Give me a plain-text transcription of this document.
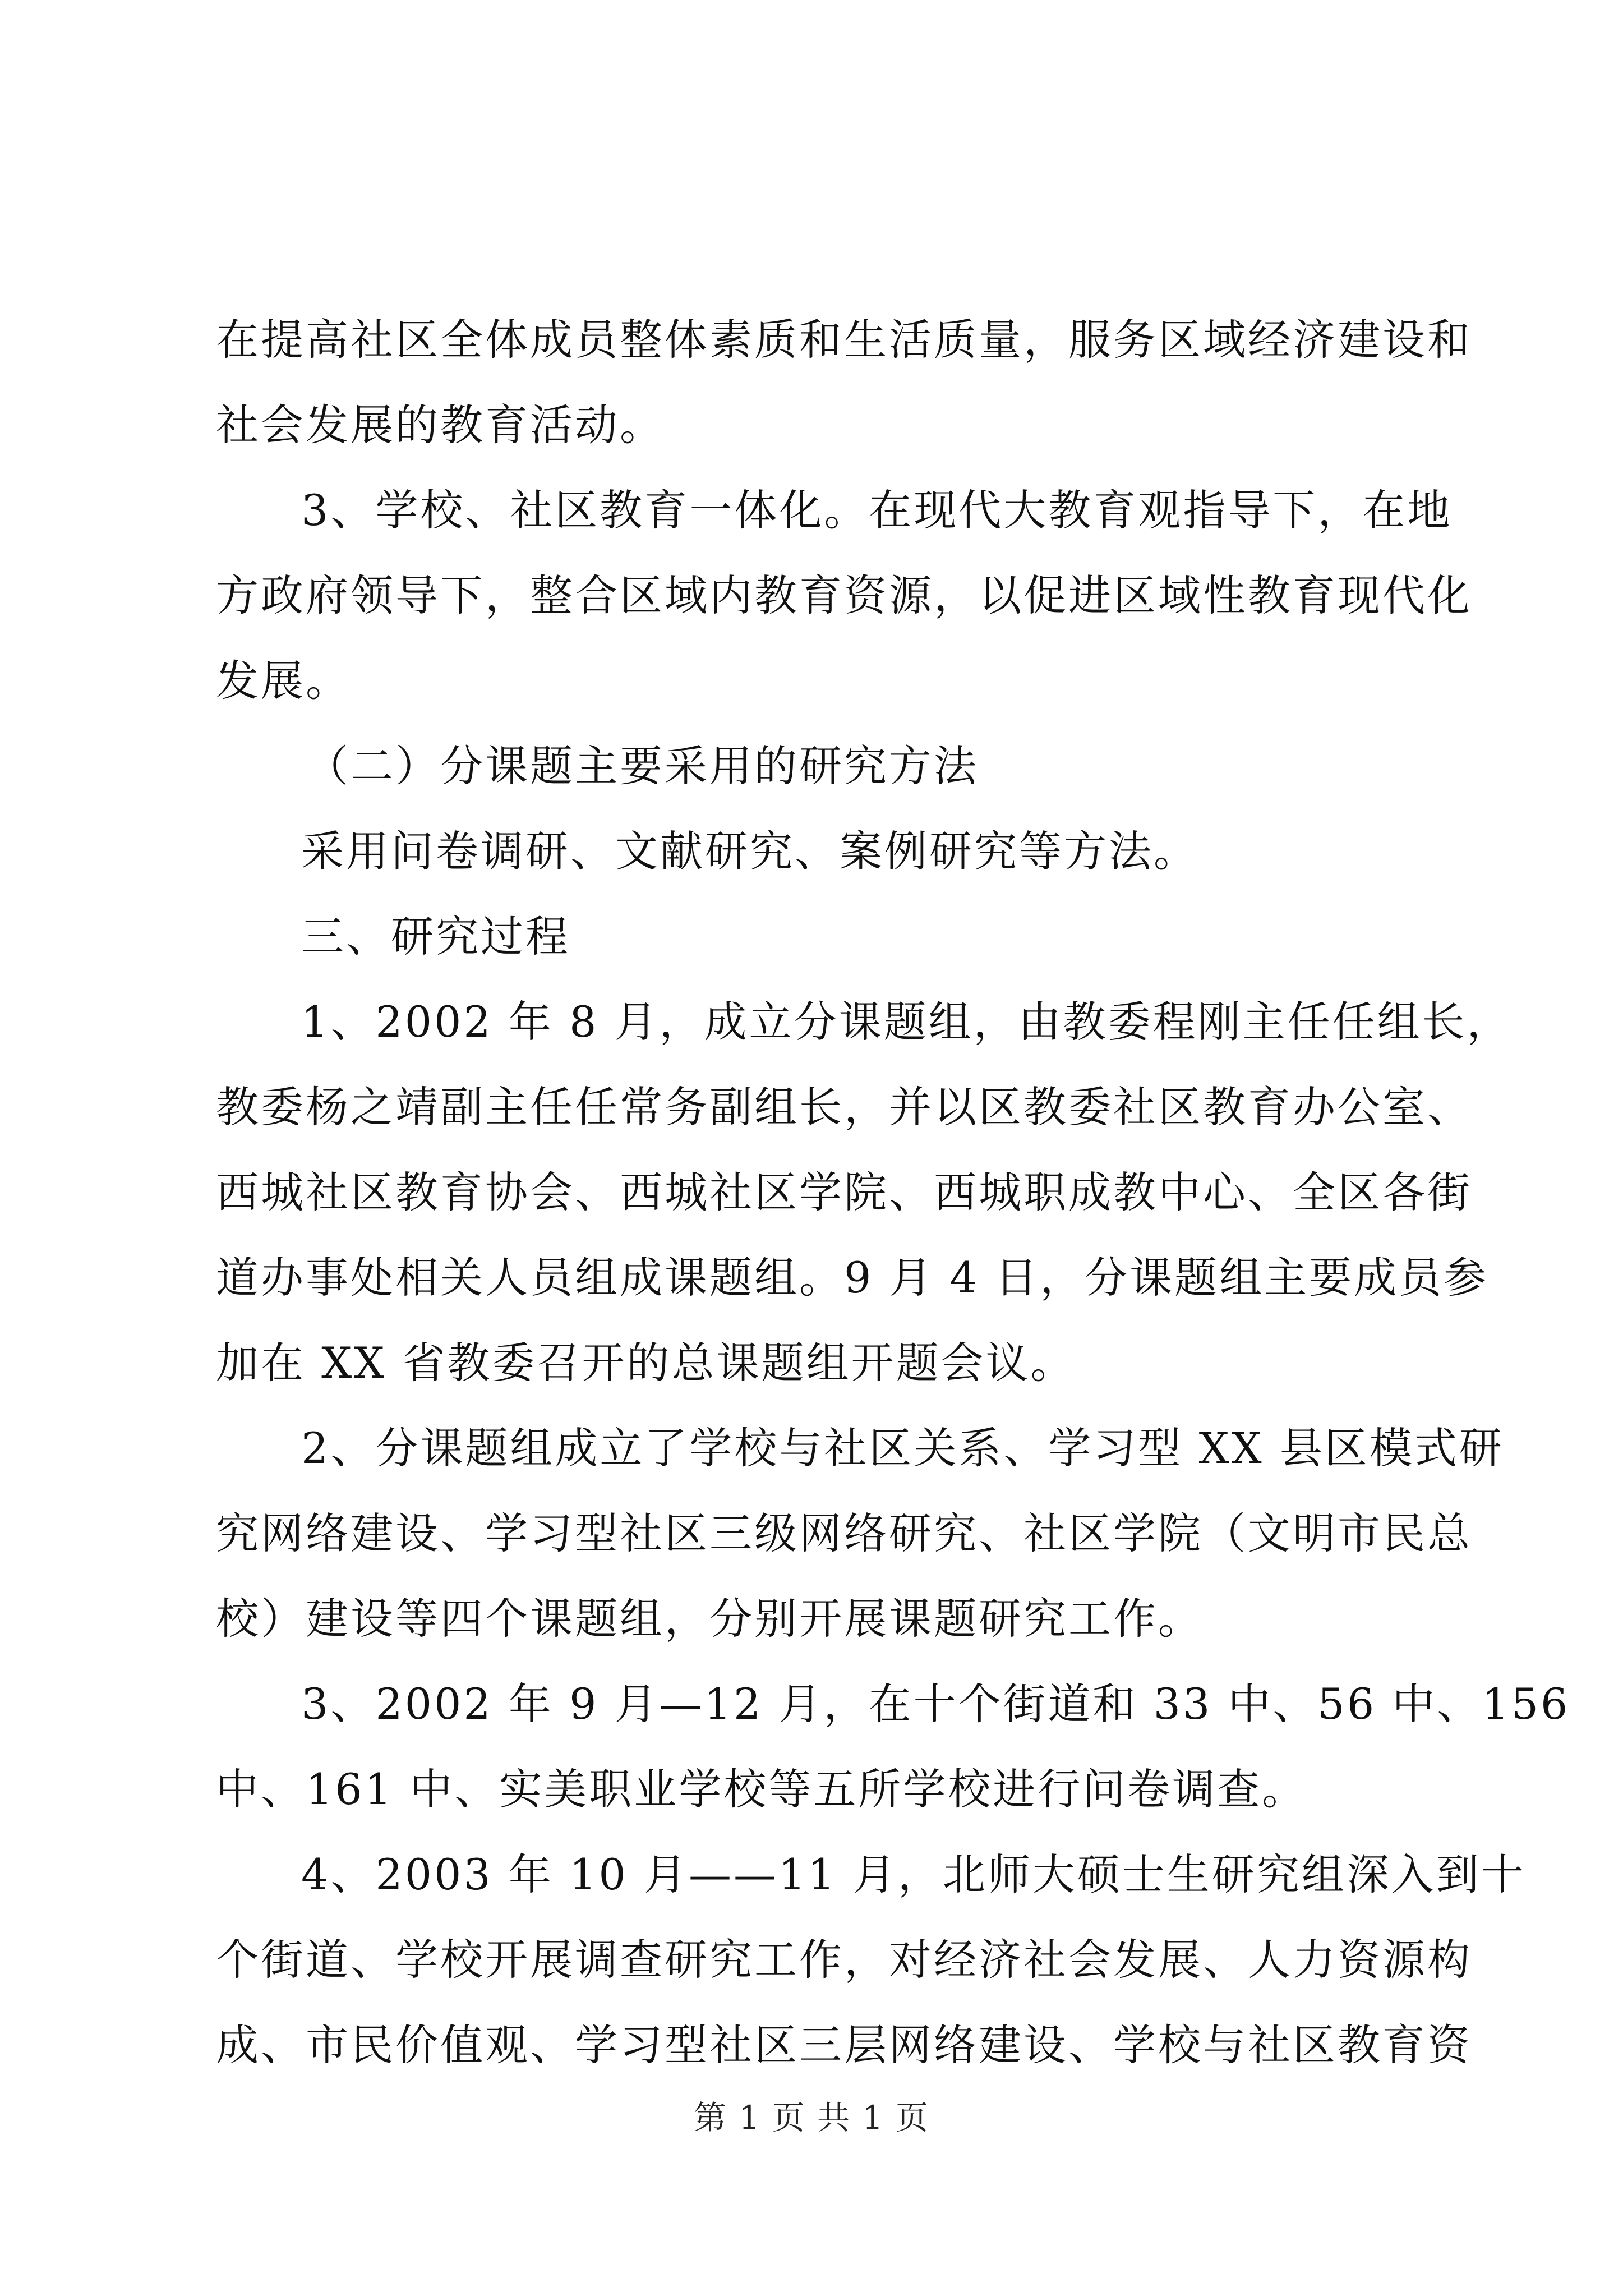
在提高社区全体成员整体素质和生活质量，服务区域经济建设和
社会发展的教育活动。
3、学校、社区教育一体化。在现代大教育观指导下，在地
方政府领导下，整合区域内教育资源，以促进区域性教育现代化
发展。
（二）分课题主要采用的研究方法
采用问卷调研、文献研究、案例研究等方法。
三、研究过程
1、2002 年 8 月，成立分课题组，由教委程刚主任任组长，
教委杨之靖副主任任常务副组长，并以区教委社区教育办公室、
西城社区教育协会、西城社区学院、西城职成教中心、全区各街
道办事处相关人员组成课题组。9 月 4 日，分课题组主要成员参
加在 XX 省教委召开的总课题组开题会议。
2、分课题组成立了学校与社区关系、学习型 XX 县区模式研
究网络建设、学习型社区三级网络研究、社区学院（文明市民总
校）建设等四个课题组，分别开展课题研究工作。
3、2002 年 9 月—12 月，在十个街道和 33 中、56 中、156
中、161 中、实美职业学校等五所学校进行问卷调查。
4、2003 年 10 月——11 月，北师大硕士生研究组深入到十
个街道、学校开展调查研究工作，对经济社会发展、人力资源构
成、市民价值观、学习型社区三层网络建设、学校与社区教育资
第 1 页 共 1 页
